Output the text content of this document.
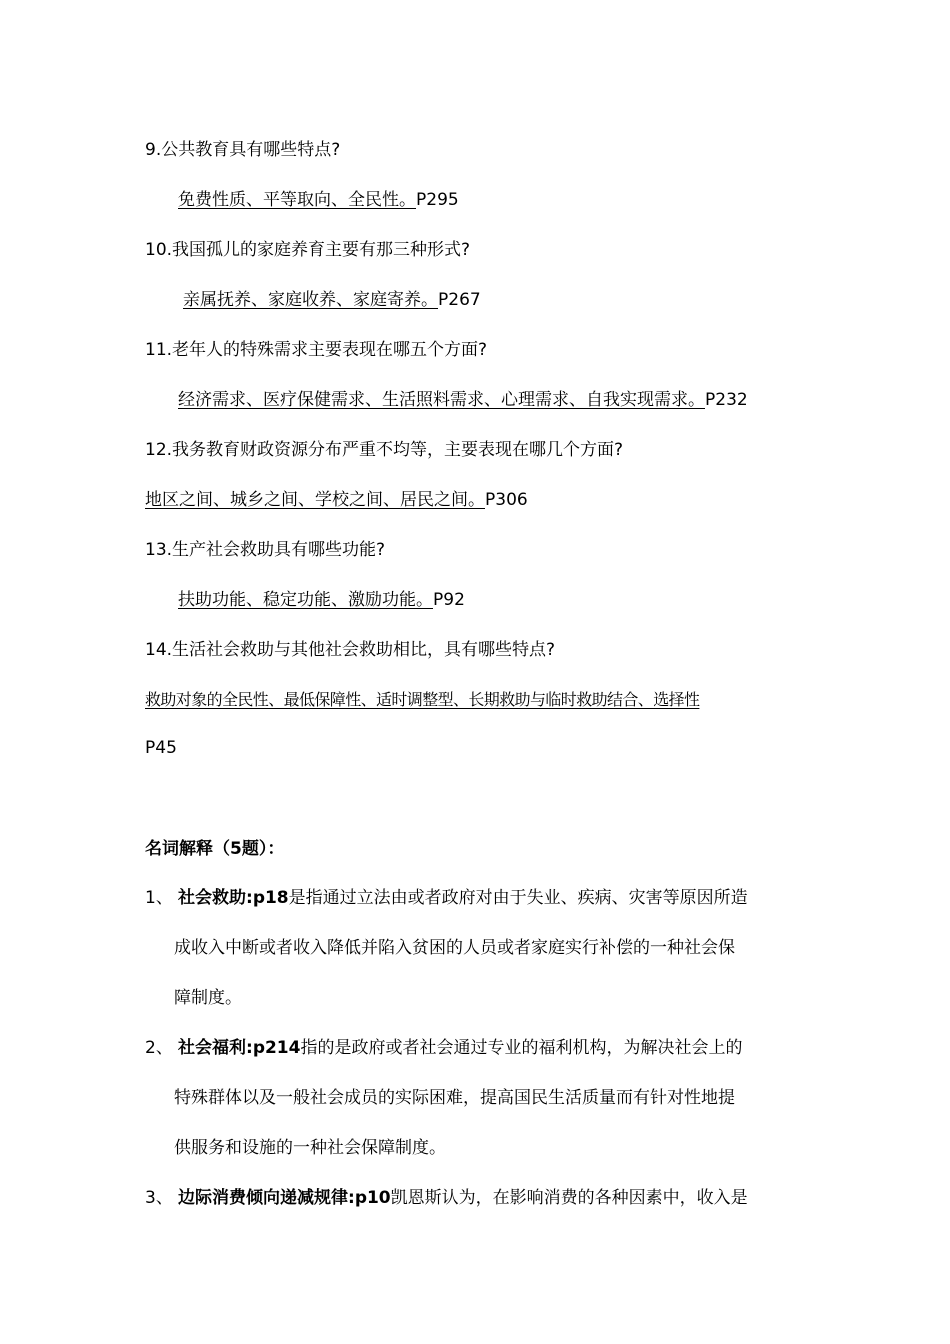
9.公共教育具有哪些特点?
免费性质、平等取向、全民性。P295
10.我国孤儿的家庭养育主要有那三种形式?
亲属抚养、家庭收养、家庭寄养。P267
11.老年人的特殊需求主要表现在哪五个方面?
经济需求、医疗保健需求、生活照料需求、心理需求、自我实现需求。P232
12.我务教育财政资源分布严重不均等，主要表现在哪几个方面?
地区之间、城乡之间、学校之间、居民之间。P306
13.生产社会救助具有哪些功能?
扶助功能、稳定功能、激励功能。P92
14.生活社会救助与其他社会救助相比，具有哪些特点?
救助对象的全民性、最低保障性、适时调整型、长期救助与临时救助结合、选择性
P45
名词解释（5题）：
1、 社会救助:p18是指通过立法由或者政府对由于失业、疾病、灾害等原因所造
成收入中断或者收入降低并陷入贫困的人员或者家庭实行补偿的一种社会保
障制度。
2、 社会福利:p214指的是政府或者社会通过专业的福利机构，为解决社会上的
特殊群体以及一般社会成员的实际困难，提高国民生活质量而有针对性地提
供服务和设施的一种社会保障制度。
3、 边际消费倾向递减规律:p10凯恩斯认为，在影响消费的各种因素中，收入是
